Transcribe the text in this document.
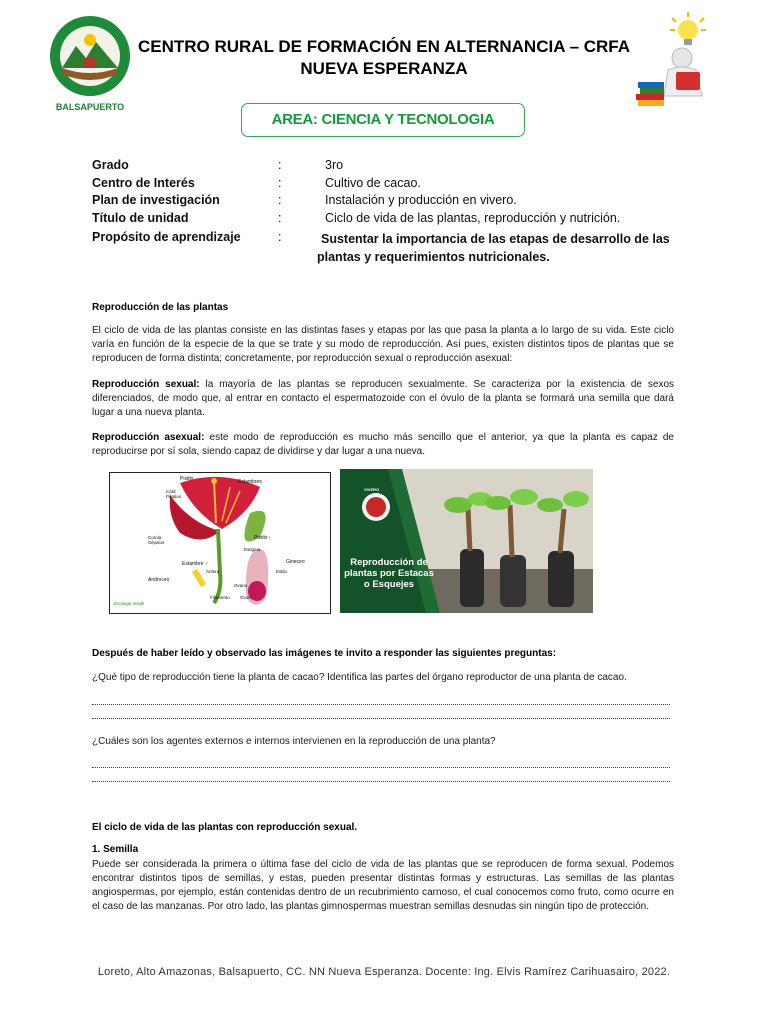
BALSAPUERTO
CENTRO RURAL DE FORMACIÓN EN ALTERNANCIA – CRFA
NUEVA ESPERANZA
AREA: CIENCIA Y TECNOLOGIA
Grado	:	3ro
Centro de Interés	:	Cultivo de cacao.
Plan de investigación	:	Instalación y producción en vivero.
Título de unidad	:	Ciclo de vida de las plantas, reproducción y nutrición.
Propósito de aprendizaje	:	Sustentar la importancia de las etapas de desarrollo de las
plantas y requerimientos nutricionales.
Reproducción de las plantas
El ciclo de vida de las plantas consiste en las distintas fases y etapas por las que pasa la planta a lo largo de su vida. Este ciclo varía en función de la especie de la que se trate y su modo de reproducción. Así pues, existen distintos tipos de plantas que se reproducen de forma distinta; concretamente, por reproducción sexual o reproducción asexual:
Reproducción sexual: la mayoría de las plantas se reproducen sexualmente. Se caracteriza por la existencia de sexos diferenciados, de modo que, al entrar en contacto el espermatozoide con el óvulo de la planta se formará una semilla que dará lugar a una nueva planta.
Reproducción asexual: este modo de reproducción es mucho más sencillo que el anterior, ya que la planta es capaz de reproducirse por sí sola, siendo capaz de dividirse y dar lugar a una nueva.
Pistilo	Estambres
Cáliz Pétalos
Corola Sépalos
Estambre ♂
Pistilo♀
Estigma
Antera
Androceo
Filamento
Estilo
Gineceo
Ovario
Óvulo
Ecologia Verde
VIVERO
Reproducción de
plantas por Estacas
o Esquejes
Después de haber leído y observado las imágenes te invito a responder las siguientes preguntas:
¿Qué tipo de reproducción tiene la planta de cacao? Identifica las partes del órgano reproductor de una planta de cacao.
¿Cuáles son los agentes externos e internos intervienen en la reproducción de una planta?
El ciclo de vida de las plantas con reproducción sexual.
1. Semilla
Puede ser considerada la primera o última fase del ciclo de vida de las plantas que se reproducen de forma sexual. Podemos encontrar distintos tipos de semillas, y estas, pueden presentar distintas formas y estructuras. Las semillas de las plantas angiospermas, por ejemplo, están contenidas dentro de un recubrimiento carnoso, el cual conocemos como fruto, como ocurre en el caso de las manzanas. Por otro lado, las plantas gimnospermas muestran semillas desnudas sin ningún tipo de protección.
Loreto, Alto Amazonas, Balsapuerto, CC. NN Nueva Esperanza. Docente: Ing. Elvis Ramírez Carihuasairo, 2022.
